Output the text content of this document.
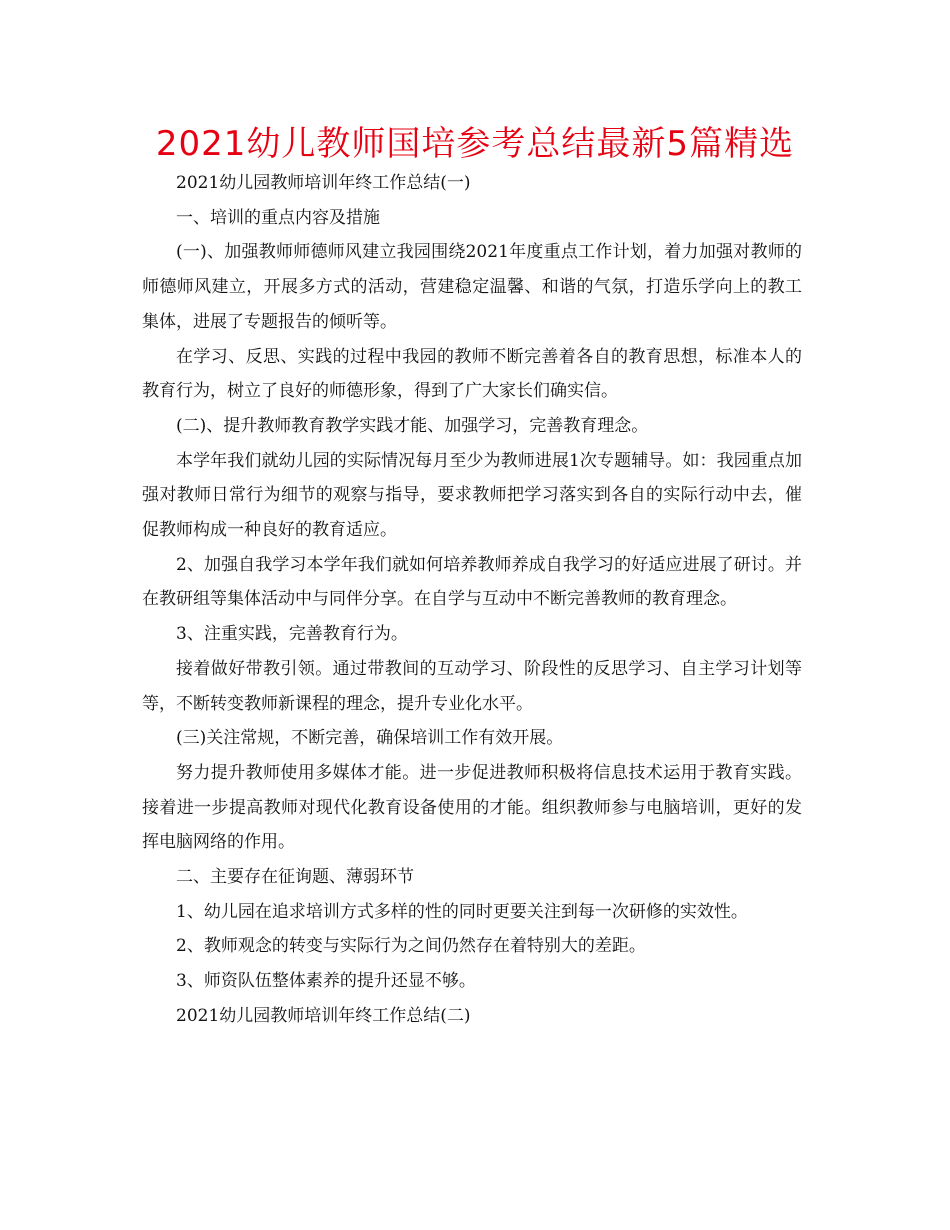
2021幼儿教师国培参考总结最新5篇精选

2021幼儿园教师培训年终工作总结(一)

一、培训的重点内容及措施

(一)、加强教师师德师风建立我园围绕2021年度重点工作计划，着力加强对教师的师德师风建立，开展多方式的活动，营建稳定温馨、和谐的气氛，打造乐学向上的教工集体，进展了专题报告的倾听等。

在学习、反思、实践的过程中我园的教师不断完善着各自的教育思想，标准本人的教育行为，树立了良好的师德形象，得到了广大家长们确实信。

(二)、提升教师教育教学实践才能、加强学习，完善教育理念。

本学年我们就幼儿园的实际情况每月至少为教师进展1次专题辅导。如：我园重点加强对教师日常行为细节的观察与指导，要求教师把学习落实到各自的实际行动中去，催促教师构成一种良好的教育适应。

2、加强自我学习本学年我们就如何培养教师养成自我学习的好适应进展了研讨。并在教研组等集体活动中与同伴分享。在自学与互动中不断完善教师的教育理念。

3、注重实践，完善教育行为。

接着做好带教引领。通过带教间的互动学习、阶段性的反思学习、自主学习计划等等，不断转变教师新课程的理念，提升专业化水平。

(三)关注常规，不断完善，确保培训工作有效开展。

努力提升教师使用多媒体才能。进一步促进教师积极将信息技术运用于教育实践。接着进一步提高教师对现代化教育设备使用的才能。组织教师参与电脑培训，更好的发挥电脑网络的作用。

二、主要存在征询题、薄弱环节

1、幼儿园在追求培训方式多样的性的同时更要关注到每一次研修的实效性。

2、教师观念的转变与实际行为之间仍然存在着特别大的差距。

3、师资队伍整体素养的提升还显不够。

2021幼儿园教师培训年终工作总结(二)
